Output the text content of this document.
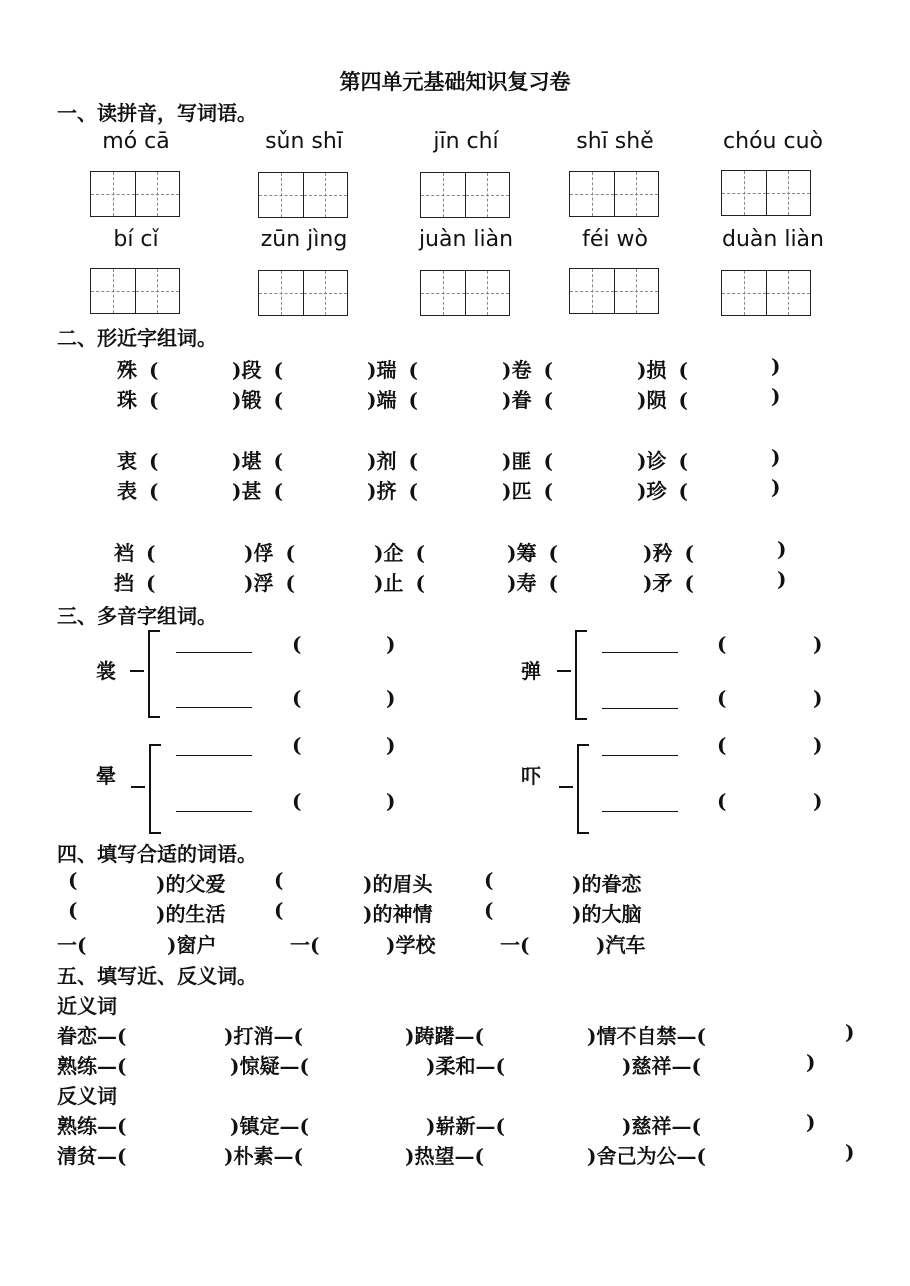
第四单元基础知识复习卷
一、读拼音，写词语。
mó cā	sǔn shī	jīn chí	shī shě	chóu cuò
bí cǐ	zūn jìng	juàn liàn	féi wò	duàn liàn
二、形近字组词。
殊 (	)段 (	)瑞 (	)卷 (	)损 (	)
珠 (	)锻 (	)端 (	)眷 (	)陨 (	)
衷 (	)堪 (	)剂 (	)匪 (	)诊 (	)
表 (	)甚 (	)挤 (	)匹 (	)珍 (	)
裆 (	)俘 (	)企 (	)筹 (	)矜 (	)
挡 (	)浮 (	)止 (	)寿 (	)矛 (	)
三、多音字组词。
裳
(	)
(	)
弹
(	)
(	)
晕
(	)
(	)
吓
(	)
(	)
四、填写合适的词语。
(	)的父爱 (	)的眉头	(	)的眷恋
(	)的生活 (	)的神情	(	)的大脑
一(	)窗户	一(	)学校	一(	)汽车
五、填写近、反义词。
近义词
眷恋—(	)打消—(	)踌躇—(	)情不自禁—(	)
熟练—(	)惊疑—(	)柔和—(	)慈祥—(	)
反义词
熟练—(	)镇定—(	)崭新—(	)慈祥—(	)
清贫—(	)朴素—(	)热望—(	)舍己为公—(	)
